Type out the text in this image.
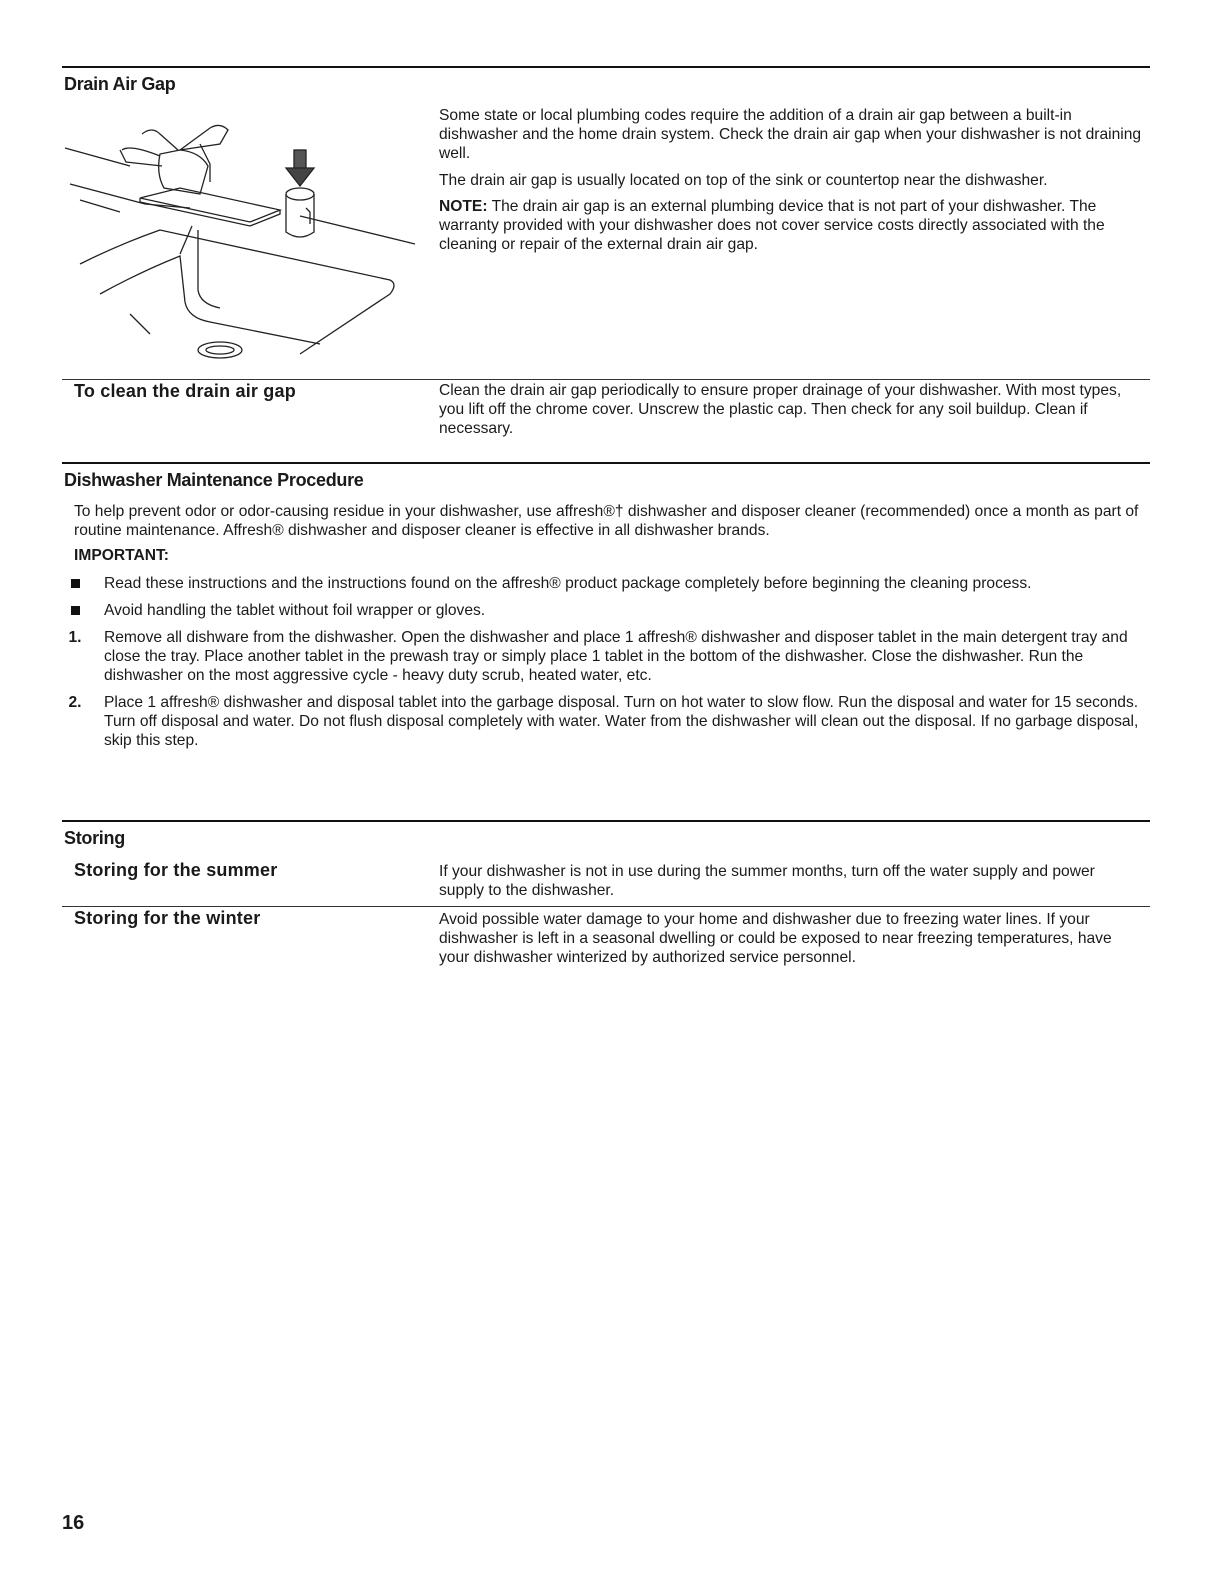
Drain Air Gap

Some state or local plumbing codes require the addition of a drain air gap between a built-in dishwasher and the home drain system. Check the drain air gap when your dishwasher is not draining well.

The drain air gap is usually located on top of the sink or countertop near the dishwasher.

NOTE: The drain air gap is an external plumbing device that is not part of your dishwasher. The warranty provided with your dishwasher does not cover service costs directly associated with the cleaning or repair of the external drain air gap.

To clean the drain air gap	Clean the drain air gap periodically to ensure proper drainage of your dishwasher. With most types, you lift off the chrome cover. Unscrew the plastic cap. Then check for any soil buildup. Clean if necessary.

Dishwasher Maintenance Procedure

To help prevent odor or odor-causing residue in your dishwasher, use affresh®† dishwasher and disposer cleaner (recommended) once a month as part of routine maintenance. Affresh® dishwasher and disposer cleaner is effective in all dishwasher brands.

IMPORTANT:
Read these instructions and the instructions found on the affresh® product package completely before beginning the cleaning process.
Avoid handling the tablet without foil wrapper or gloves.
1.	Remove all dishware from the dishwasher. Open the dishwasher and place 1 affresh® dishwasher and disposer tablet in the main detergent tray and close the tray. Place another tablet in the prewash tray or simply place 1 tablet in the bottom of the dishwasher. Close the dishwasher. Run the dishwasher on the most aggressive cycle - heavy duty scrub, heated water, etc.
2.	Place 1 affresh® dishwasher and disposal tablet into the garbage disposal. Turn on hot water to slow flow. Run the disposal and water for 15 seconds. Turn off disposal and water. Do not flush disposal completely with water. Water from the dishwasher will clean out the disposal. If no garbage disposal, skip this step.
Storing
Storing for the summer	If your dishwasher is not in use during the summer months, turn off the water supply and power supply to the dishwasher.

Storing for the winter	Avoid possible water damage to your home and dishwasher due to freezing water lines. If your dishwasher is left in a seasonal dwelling or could be exposed to near freezing temperatures, have your dishwasher winterized by authorized service personnel.

16
